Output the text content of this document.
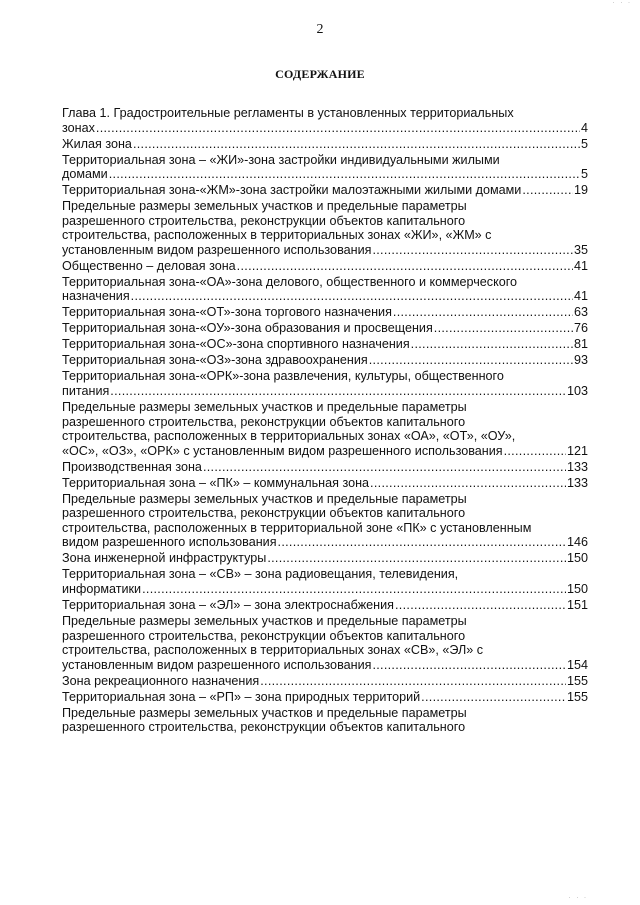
· · ·
2
СОДЕРЖАНИЕ
Глава 1. Градостроительные регламенты в установленных территориальных
зонах .....	4
Жилая зона .....	5
Территориальная зона – «ЖИ»-зона застройки индивидуальными жилыми
домами .....	5
Территориальная зона-«ЖМ»-зона застройки малоэтажными жилыми домами .....	19
Предельные размеры земельных участков и предельные параметры
разрешенного строительства, реконструкции объектов капитального
строительства, расположенных в территориальных зонах «ЖИ», «ЖМ» с
установленным видом разрешенного использования .....	35
Общественно – деловая зона .....	41
Территориальная зона-«ОА»-зона делового, общественного и коммерческого
назначения .....	41
Территориальная зона-«ОТ»-зона торгового назначения .....	63
Территориальная зона-«ОУ»-зона образования и просвещения .....	76
Территориальная зона-«ОС»-зона спортивного назначения .....	81
Территориальная зона-«ОЗ»-зона здравоохранения .....	93
Территориальная зона-«ОРК»-зона развлечения, культуры, общественного
питания .....	103
Предельные размеры земельных участков и предельные параметры
разрешенного строительства, реконструкции объектов капитального
строительства, расположенных в территориальных зонах «ОА», «ОТ», «ОУ»,
«ОС», «ОЗ», «ОРК» с установленным видом разрешенного использования .....	121
Производственная зона .....	133
Территориальная зона – «ПК» – коммунальная зона .....	133
Предельные размеры земельных участков и предельные параметры
разрешенного строительства, реконструкции объектов капитального
строительства, расположенных в территориальной зоне «ПК» с установленным
видом разрешенного использования .....	146
Зона инженерной инфраструктуры .....	150
Территориальная зона – «СВ» – зона радиовещания, телевидения,
информатики .....	150
Территориальная зона – «ЭЛ» – зона электроснабжения .....	151
Предельные размеры земельных участков и предельные параметры
разрешенного строительства, реконструкции объектов капитального
строительства, расположенных в территориальных зонах «СВ», «ЭЛ» с
установленным видом разрешенного использования .....	154
Зона рекреационного назначения .....	155
Территориальная зона – «РП» – зона природных территорий .....	155
Предельные размеры земельных участков и предельные параметры
разрешенного строительства, реконструкции объектов капитального
· · ·
